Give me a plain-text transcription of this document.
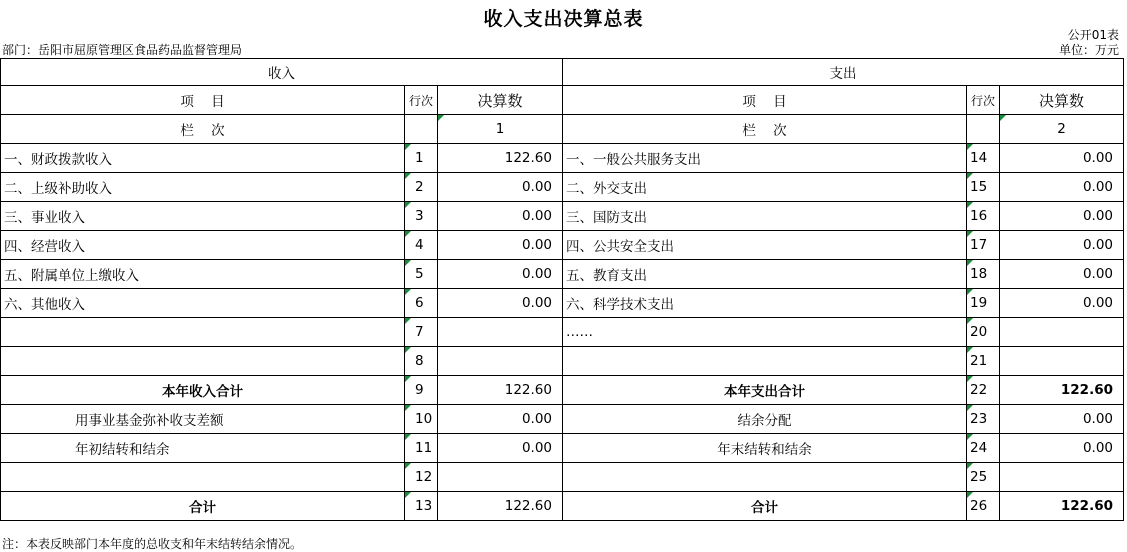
收入支出决算总表
公开01表
部门：岳阳市屈原管理区食品药品监督管理局	单位：万元
收入			支出		
项    目	行次	决算数	项    目	行次	决算数
栏    次		1	栏    次		2
一、财政拨款收入	1	122.60	一、一般公共服务支出	14	0.00
二、上级补助收入	2	0.00	二、外交支出	15	0.00
三、事业收入	3	0.00	三、国防支出	16	0.00
四、经营收入	4	0.00	四、公共安全支出	17	0.00
五、附属单位上缴收入	5	0.00	五、教育支出	18	0.00
六、其他收入	6	0.00	六、科学技术支出	19	0.00
	7		……	20	
	8			21	
本年收入合计	9	122.60	本年支出合计	22	122.60
用事业基金弥补收支差额	10	0.00	结余分配	23	0.00
年初结转和结余	11	0.00	年末结转和结余	24	0.00
	12			25	
合计	13	122.60	合计	26	122.60
注：本表反映部门本年度的总收支和年末结转结余情况。
